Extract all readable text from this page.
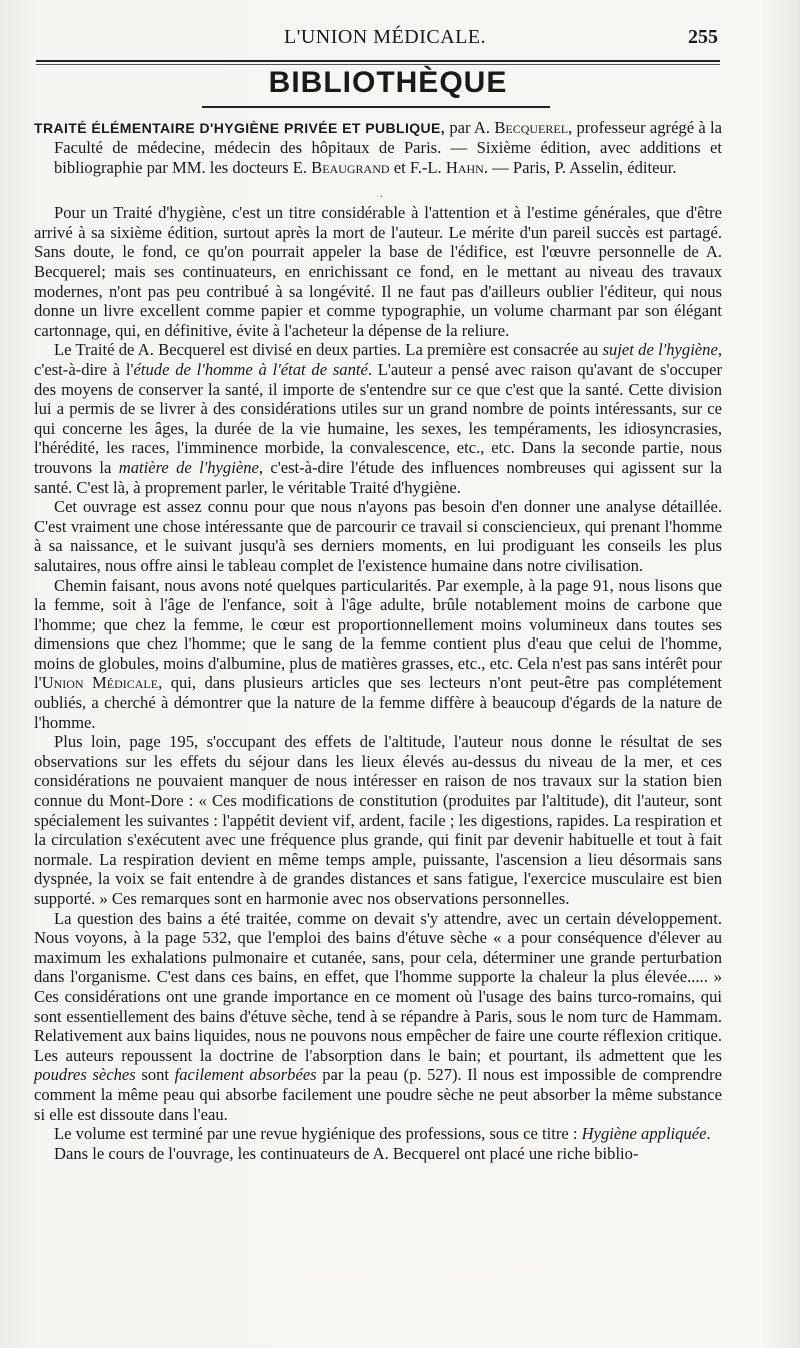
L'UNION MÉDICALE.	255
BIBLIOTHÈQUE

TRAITÉ ÉLÉMENTAIRE D'HYGIÈNE PRIVÉE ET PUBLIQUE, par A. Becquerel, professeur agrégé à la Faculté de médecine, médecin des hôpitaux de Paris. — Sixième édition, avec additions et bibliographie par MM. les docteurs E. Beaugrand et F.-L. Hahn. — Paris, P. Asselin, éditeur.

.

Pour un Traité d'hygiène, c'est un titre considérable à l'attention et à l'estime générales, que d'être arrivé à sa sixième édition, surtout après la mort de l'auteur. Le mérite d'un pareil succès est partagé. Sans doute, le fond, ce qu'on pourrait appeler la base de l'édifice, est l'œuvre personnelle de A. Becquerel; mais ses continuateurs, en enrichissant ce fond, en le mettant au niveau des travaux modernes, n'ont pas peu contribué à sa longévité. Il ne faut pas d'ailleurs oublier l'éditeur, qui nous donne un livre excellent comme papier et comme typographie, un volume charmant par son élégant cartonnage, qui, en définitive, évite à l'acheteur la dépense de la reliure.

Le Traité de A. Becquerel est divisé en deux parties. La première est consacrée au sujet de l'hygiène, c'est-à-dire à l'étude de l'homme à l'état de santé. L'auteur a pensé avec raison qu'avant de s'occuper des moyens de conserver la santé, il importe de s'entendre sur ce que c'est que la santé. Cette division lui a permis de se livrer à des considérations utiles sur un grand nombre de points intéressants, sur ce qui concerne les âges, la durée de la vie humaine, les sexes, les tempéraments, les idiosyncrasies, l'hérédité, les races, l'imminence morbide, la convalescence, etc., etc. Dans la seconde partie, nous trouvons la matière de l'hygiène, c'est-à-dire l'étude des influences nombreuses qui agissent sur la santé. C'est là, à proprement parler, le véritable Traité d'hygiène.

Cet ouvrage est assez connu pour que nous n'ayons pas besoin d'en donner une analyse détaillée. C'est vraiment une chose intéressante que de parcourir ce travail si consciencieux, qui prenant l'homme à sa naissance, et le suivant jusqu'à ses derniers moments, en lui prodiguant les conseils les plus salutaires, nous offre ainsi le tableau complet de l'existence humaine dans notre civilisation.

Chemin faisant, nous avons noté quelques particularités. Par exemple, à la page 91, nous lisons que la femme, soit à l'âge de l'enfance, soit à l'âge adulte, brûle notablement moins de carbone que l'homme; que chez la femme, le cœur est proportionnellement moins volumineux dans toutes ses dimensions que chez l'homme; que le sang de la femme contient plus d'eau que celui de l'homme, moins de globules, moins d'albumine, plus de matières grasses, etc., etc. Cela n'est pas sans intérêt pour l'Union Médicale, qui, dans plusieurs articles que ses lecteurs n'ont peut-être pas complétement oubliés, a cherché à démontrer que la nature de la femme diffère à beaucoup d'égards de la nature de l'homme.

Plus loin, page 195, s'occupant des effets de l'altitude, l'auteur nous donne le résultat de ses observations sur les effets du séjour dans les lieux élevés au-dessus du niveau de la mer, et ces considérations ne pouvaient manquer de nous intéresser en raison de nos travaux sur la station bien connue du Mont-Dore : « Ces modifications de constitution (produites par l'altitude), dit l'auteur, sont spécialement les suivantes : l'appétit devient vif, ardent, facile ; les digestions, rapides. La respiration et la circulation s'exécutent avec une fréquence plus grande, qui finit par devenir habituelle et tout à fait normale. La respiration devient en même temps ample, puissante, l'ascension a lieu désormais sans dyspnée, la voix se fait entendre à de grandes distances et sans fatigue, l'exercice musculaire est bien supporté. » Ces remarques sont en harmonie avec nos observations personnelles.

La question des bains a été traitée, comme on devait s'y attendre, avec un certain développement. Nous voyons, à la page 532, que l'emploi des bains d'étuve sèche « a pour conséquence d'élever au maximum les exhalations pulmonaire et cutanée, sans, pour cela, déterminer une grande perturbation dans l'organisme. C'est dans ces bains, en effet, que l'homme supporte la chaleur la plus élevée..... » Ces considérations ont une grande importance en ce moment où l'usage des bains turco-romains, qui sont essentiellement des bains d'étuve sèche, tend à se répandre à Paris, sous le nom turc de Hammam. Relativement aux bains liquides, nous ne pouvons nous empêcher de faire une courte réflexion critique. Les auteurs repoussent la doctrine de l'absorption dans le bain; et pourtant, ils admettent que les poudres sèches sont facilement absorbées par la peau (p. 527). Il nous est impossible de comprendre comment la même peau qui absorbe facilement une poudre sèche ne peut absorber la même substance si elle est dissoute dans l'eau.

Le volume est terminé par une revue hygiénique des professions, sous ce titre : Hygiène appliquée.

Dans le cours de l'ouvrage, les continuateurs de A. Becquerel ont placé une riche biblio-
